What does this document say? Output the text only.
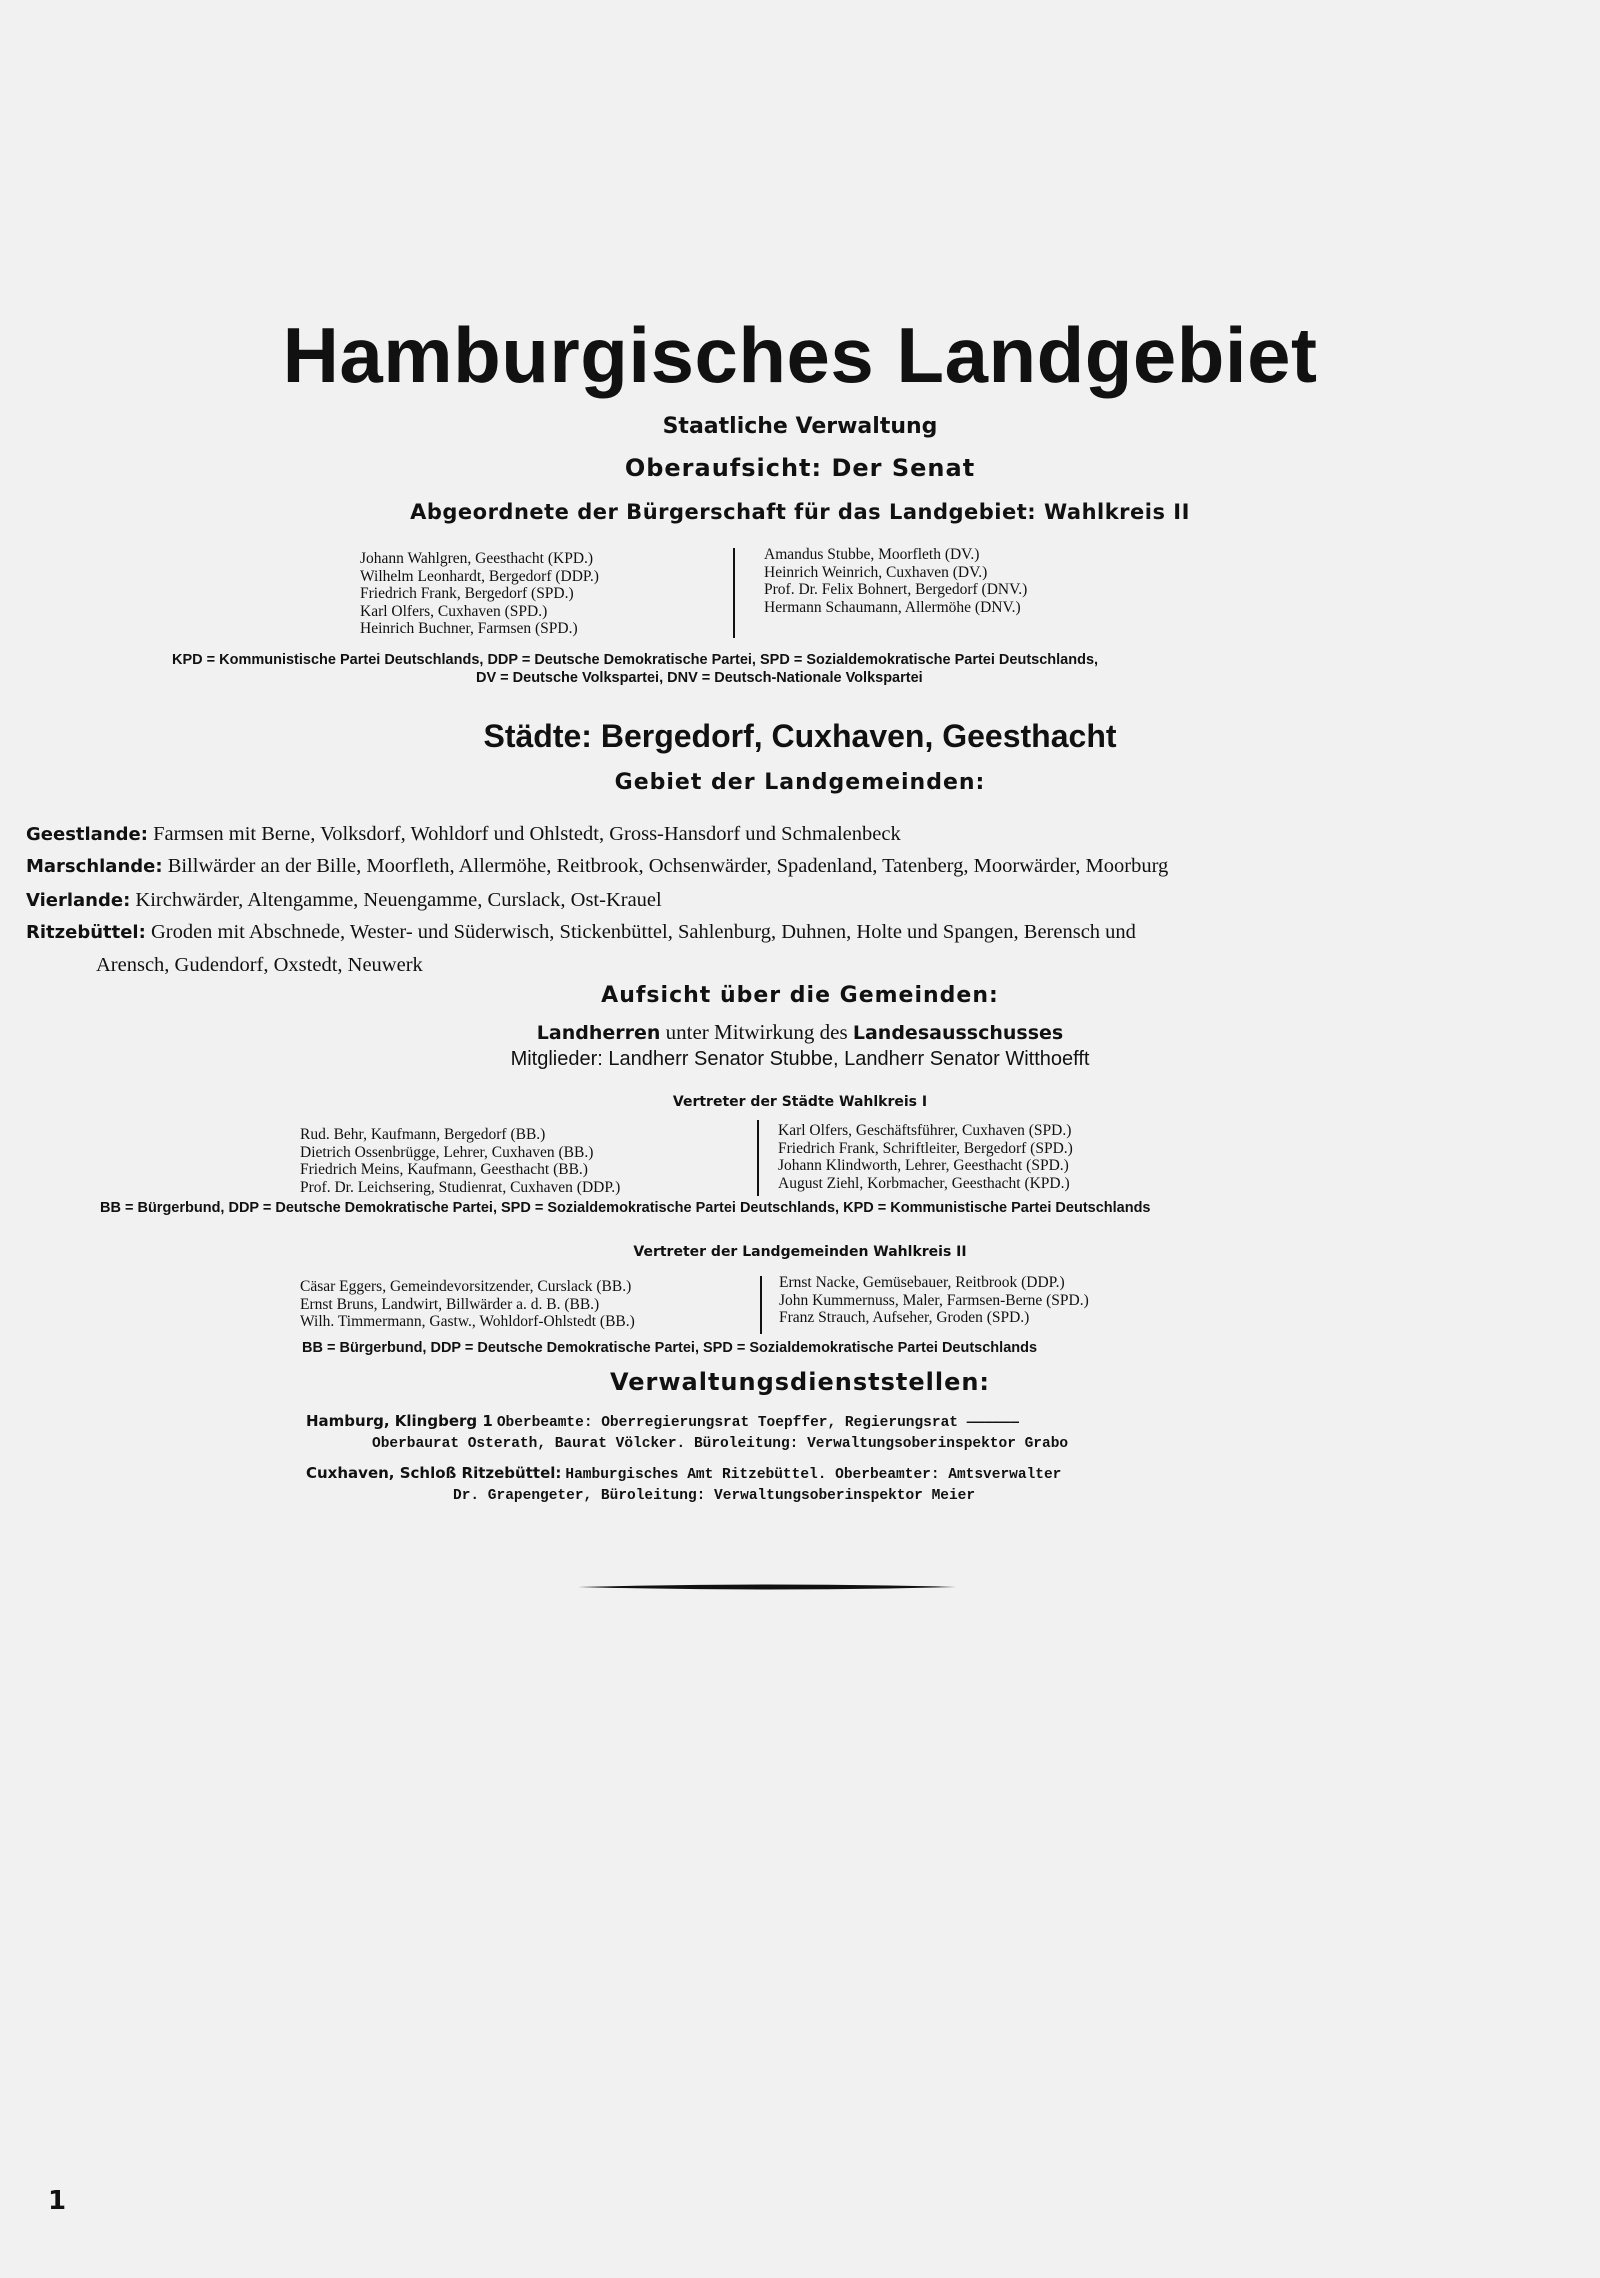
Hamburgisches Landgebiet
Staatliche Verwaltung
Oberaufsicht: Der Senat
Abgeordnete der Bürgerschaft für das Landgebiet: Wahlkreis II
Johann Wahlgren, Geesthacht (KPD.)
Wilhelm Leonhardt, Bergedorf (DDP.)
Friedrich Frank, Bergedorf (SPD.)
Karl Olfers, Cuxhaven (SPD.)
Heinrich Buchner, Farmsen (SPD.)
Amandus Stubbe, Moorfleth (DV.)
Heinrich Weinrich, Cuxhaven (DV.)
Prof. Dr. Felix Bohnert, Bergedorf (DNV.)
Hermann Schaumann, Allermöhe (DNV.)
KPD = Kommunistische Partei Deutschlands, DDP = Deutsche Demokratische Partei, SPD = Sozialdemokratische Partei Deutschlands,
DV = Deutsche Volkspartei, DNV = Deutsch-Nationale Volkspartei
Städte: Bergedorf, Cuxhaven, Geesthacht
Gebiet der Landgemeinden:
Geestlande: Farmsen mit Berne, Volksdorf, Wohldorf und Ohlstedt, Gross-Hansdorf und Schmalenbeck
Marschlande: Billwärder an der Bille, Moorfleth, Allermöhe, Reitbrook, Ochsenwärder, Spadenland, Tatenberg, Moorwärder, Moorburg
Vierlande: Kirchwärder, Altengamme, Neuengamme, Curslack, Ost-Krauel
Ritzebüttel: Groden mit Abschnede, Wester- und Süderwisch, Stickenbüttel, Sahlenburg, Duhnen, Holte und Spangen, Berensch und
Arensch, Gudendorf, Oxstedt, Neuwerk
Aufsicht über die Gemeinden:
Landherren unter Mitwirkung des Landesausschusses
Mitglieder: Landherr Senator Stubbe, Landherr Senator Witthoefft
Vertreter der Städte Wahlkreis I
Rud. Behr, Kaufmann, Bergedorf (BB.)
Dietrich Ossenbrügge, Lehrer, Cuxhaven (BB.)
Friedrich Meins, Kaufmann, Geesthacht (BB.)
Prof. Dr. Leichsering, Studienrat, Cuxhaven (DDP.)
Karl Olfers, Geschäftsführer, Cuxhaven (SPD.)
Friedrich Frank, Schriftleiter, Bergedorf (SPD.)
Johann Klindworth, Lehrer, Geesthacht (SPD.)
August Ziehl, Korbmacher, Geesthacht (KPD.)
BB = Bürgerbund, DDP = Deutsche Demokratische Partei, SPD = Sozialdemokratische Partei Deutschlands, KPD = Kommunistische Partei Deutschlands
Vertreter der Landgemeinden Wahlkreis II
Cäsar Eggers, Gemeindevorsitzender, Curslack (BB.)
Ernst Bruns, Landwirt, Billwärder a. d. B. (BB.)
Wilh. Timmermann, Gastw., Wohldorf-Ohlstedt (BB.)
Ernst Nacke, Gemüsebauer, Reitbrook (DDP.)
John Kummernuss, Maler, Farmsen-Berne (SPD.)
Franz Strauch, Aufseher, Groden (SPD.)
BB = Bürgerbund, DDP = Deutsche Demokratische Partei, SPD = Sozialdemokratische Partei Deutschlands
Verwaltungsdienststellen:
Hamburg, Klingberg 1 Oberbeamte: Oberregierungsrat Toepffer, Regierungsrat ——————
Oberbaurat Osterath, Baurat Völcker. Büroleitung: Verwaltungsoberinspektor Grabo
Cuxhaven, Schloß Ritzebüttel: Hamburgisches Amt Ritzebüttel. Oberbeamter: Amtsverwalter
Dr. Grapengeter, Büroleitung: Verwaltungsoberinspektor Meier
1
